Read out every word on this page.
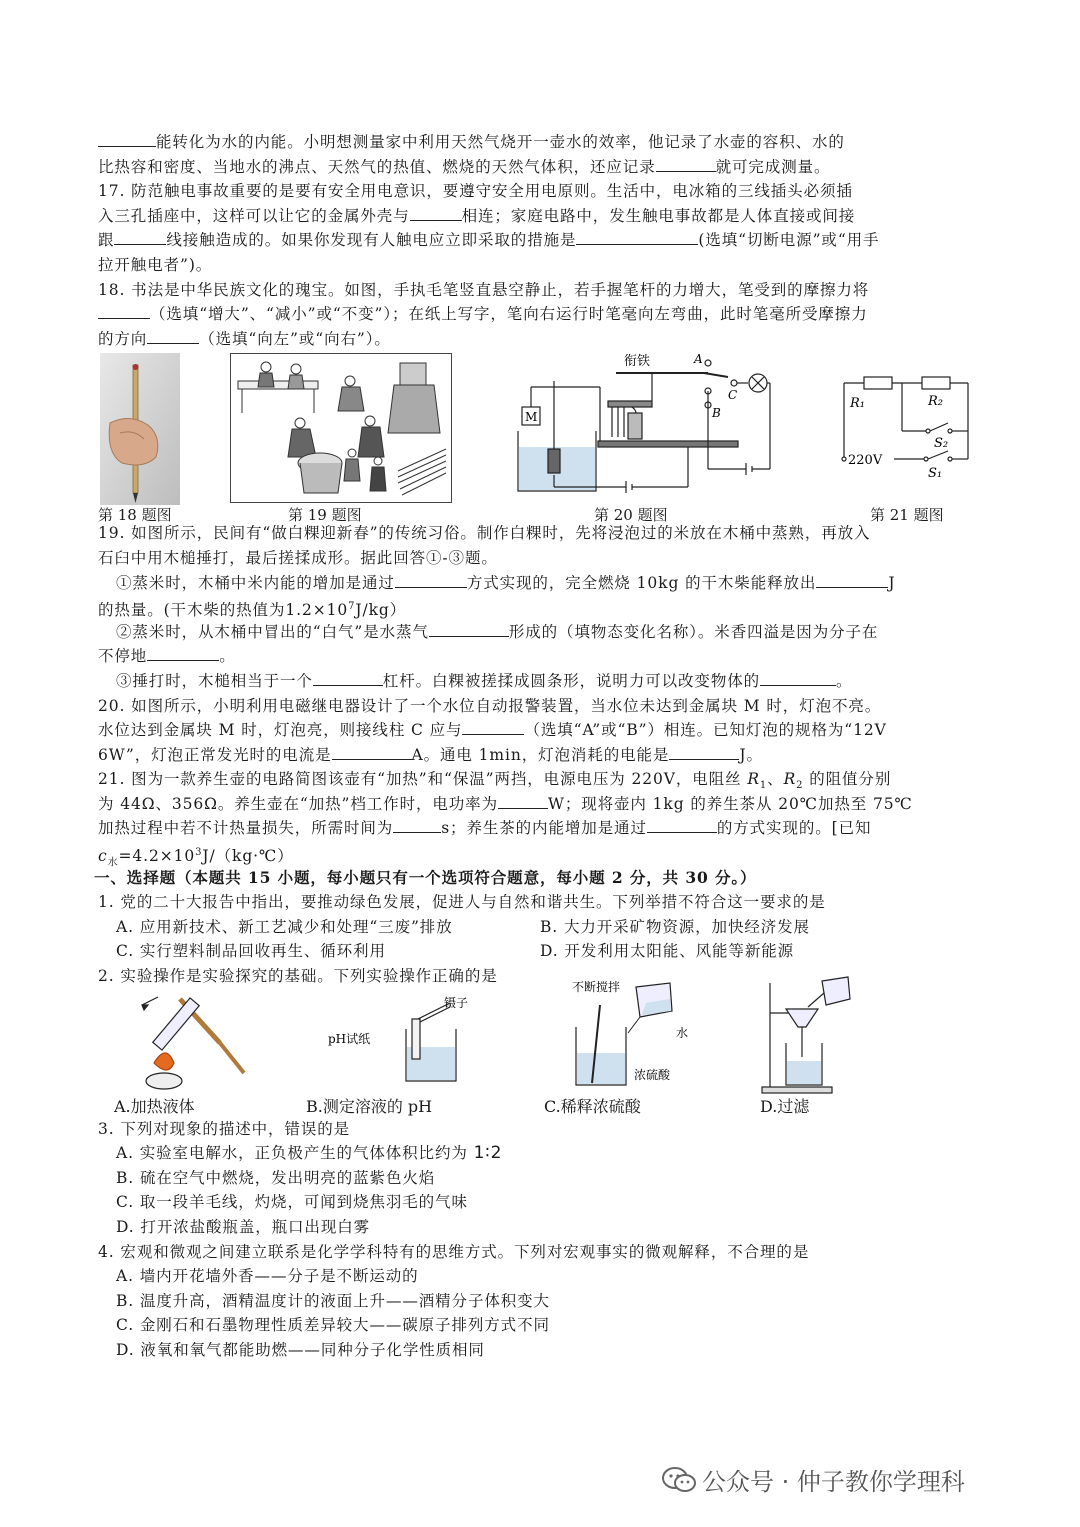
能转化为水的内能。小明想测量家中利用天然气烧开一壶水的效率，他记录了水壶的容积、水的
比热容和密度、当地水的沸点、天然气的热值、燃烧的天然气体积，还应记录	就可完成测量。
17. 防范触电事故重要的是要有安全用电意识，要遵守安全用电原则。生活中，电冰箱的三线插头必须插
入三孔插座中，这样可以让它的金属外壳与	相连；家庭电路中，发生触电事故都是人体直接或间接
跟	线接触造成的。如果你发现有人触电应立即采取的措施是	(选填“切断电源”或“用手
拉开触电者”)。
18. 书法是中华民族文化的瑰宝。如图，手执毛笔竖直悬空静止，若手握笔杆的力增大，笔受到的摩擦力将
（选填“增大”、“减小”或“不变”）；在纸上写字，笔向右运行时笔毫向左弯曲，此时笔毫所受摩擦力
的方向	（选填“向左”或“向右”）。
第 18 题图	第 19 题图
衔铁	A
B
C
M
第 20 题图
R₁	R₂
S₂
220V
S₁
第 21 题图
19. 如图所示，民间有“做白粿迎新春”的传统习俗。制作白粿时，先将浸泡过的米放在木桶中蒸熟，再放入
石臼中用木槌捶打，最后搓揉成形。据此回答①-③题。
①蒸米时，木桶中米内能的增加是通过	方式实现的，完全燃烧 10kg 的干木柴能释放出	J
的热量。(干木柴的热值为$1.2\times 10^7J/kg$）
②蒸米时，从木桶中冒出的“白气”是水蒸气	形成的（填物态变化名称）。米香四溢是因为分子在
不停地	。
③捶打时，木槌相当于一个	杠杆。白粿被搓揉成圆条形，说明力可以改变物体的	。
20. 如图所示，小明利用电磁继电器设计了一个水位自动报警装置，当水位未达到金属块 M 时，灯泡不亮。
水位达到金属块 M 时，灯泡亮，则接线柱 C 应与	（选填“A”或“B”）相连。已知灯泡的规格为“12V
6W”，灯泡正常发光时的电流是	A。通电 1min，灯泡消耗的电能是	J。
21. 图为一款养生壶的电路简图该壶有“加热”和“保温”两挡，电源电压为 220V，电阻丝 $R_1$、$R_2$ 的阻值分别
为 44Ω、356Ω。养生壶在“加热”档工作时，电功率为	W；现将壶内 1kg 的养生茶从 20℃加热至 75℃
加热过程中若不计热量损失，所需时间为	s；养生茶的内能增加是通过	的方式实现的。[已知
$c_水=4.2\times 10^3J/(kg\cdot℃)$
一、选择题（本题共 15 小题，每小题只有一个选项符合题意，每小题 2 分，共 30 分。）
1. 党的二十大报告中指出，要推动绿色发展，促进人与自然和谐共生。下列举措不符合这一要求的是
A. 应用新技术、新工艺减少和处理“三废”排放	B. 大力开采矿物资源，加快经济发展
C. 实行塑料制品回收再生、循环利用	D. 开发利用太阳能、风能等新能源
2. 实验操作是实验探究的基础。下列实验操作正确的是
A.加热液体
pH试纸
镊子
B.测定溶液的 pH
不断搅拌
水
浓硫酸
C.稀释浓硫酸	D.过滤
3. 下列对现象的描述中，错误的是
A. 实验室电解水，正负极产生的气体体积比约为 1∶2
B. 硫在空气中燃烧，发出明亮的蓝紫色火焰
C. 取一段羊毛线，灼烧，可闻到烧焦羽毛的气味
D. 打开浓盐酸瓶盖，瓶口出现白雾
4. 宏观和微观之间建立联系是化学学科特有的思维方式。下列对宏观事实的微观解释，不合理的是
A. 墙内开花墙外香——分子是不断运动的
B. 温度升高，酒精温度计的液面上升——酒精分子体积变大
C. 金刚石和石墨物理性质差异较大——碳原子排列方式不同
D. 液氧和氧气都能助燃——同种分子化学性质相同
公众号 · 仲子教你学理科
